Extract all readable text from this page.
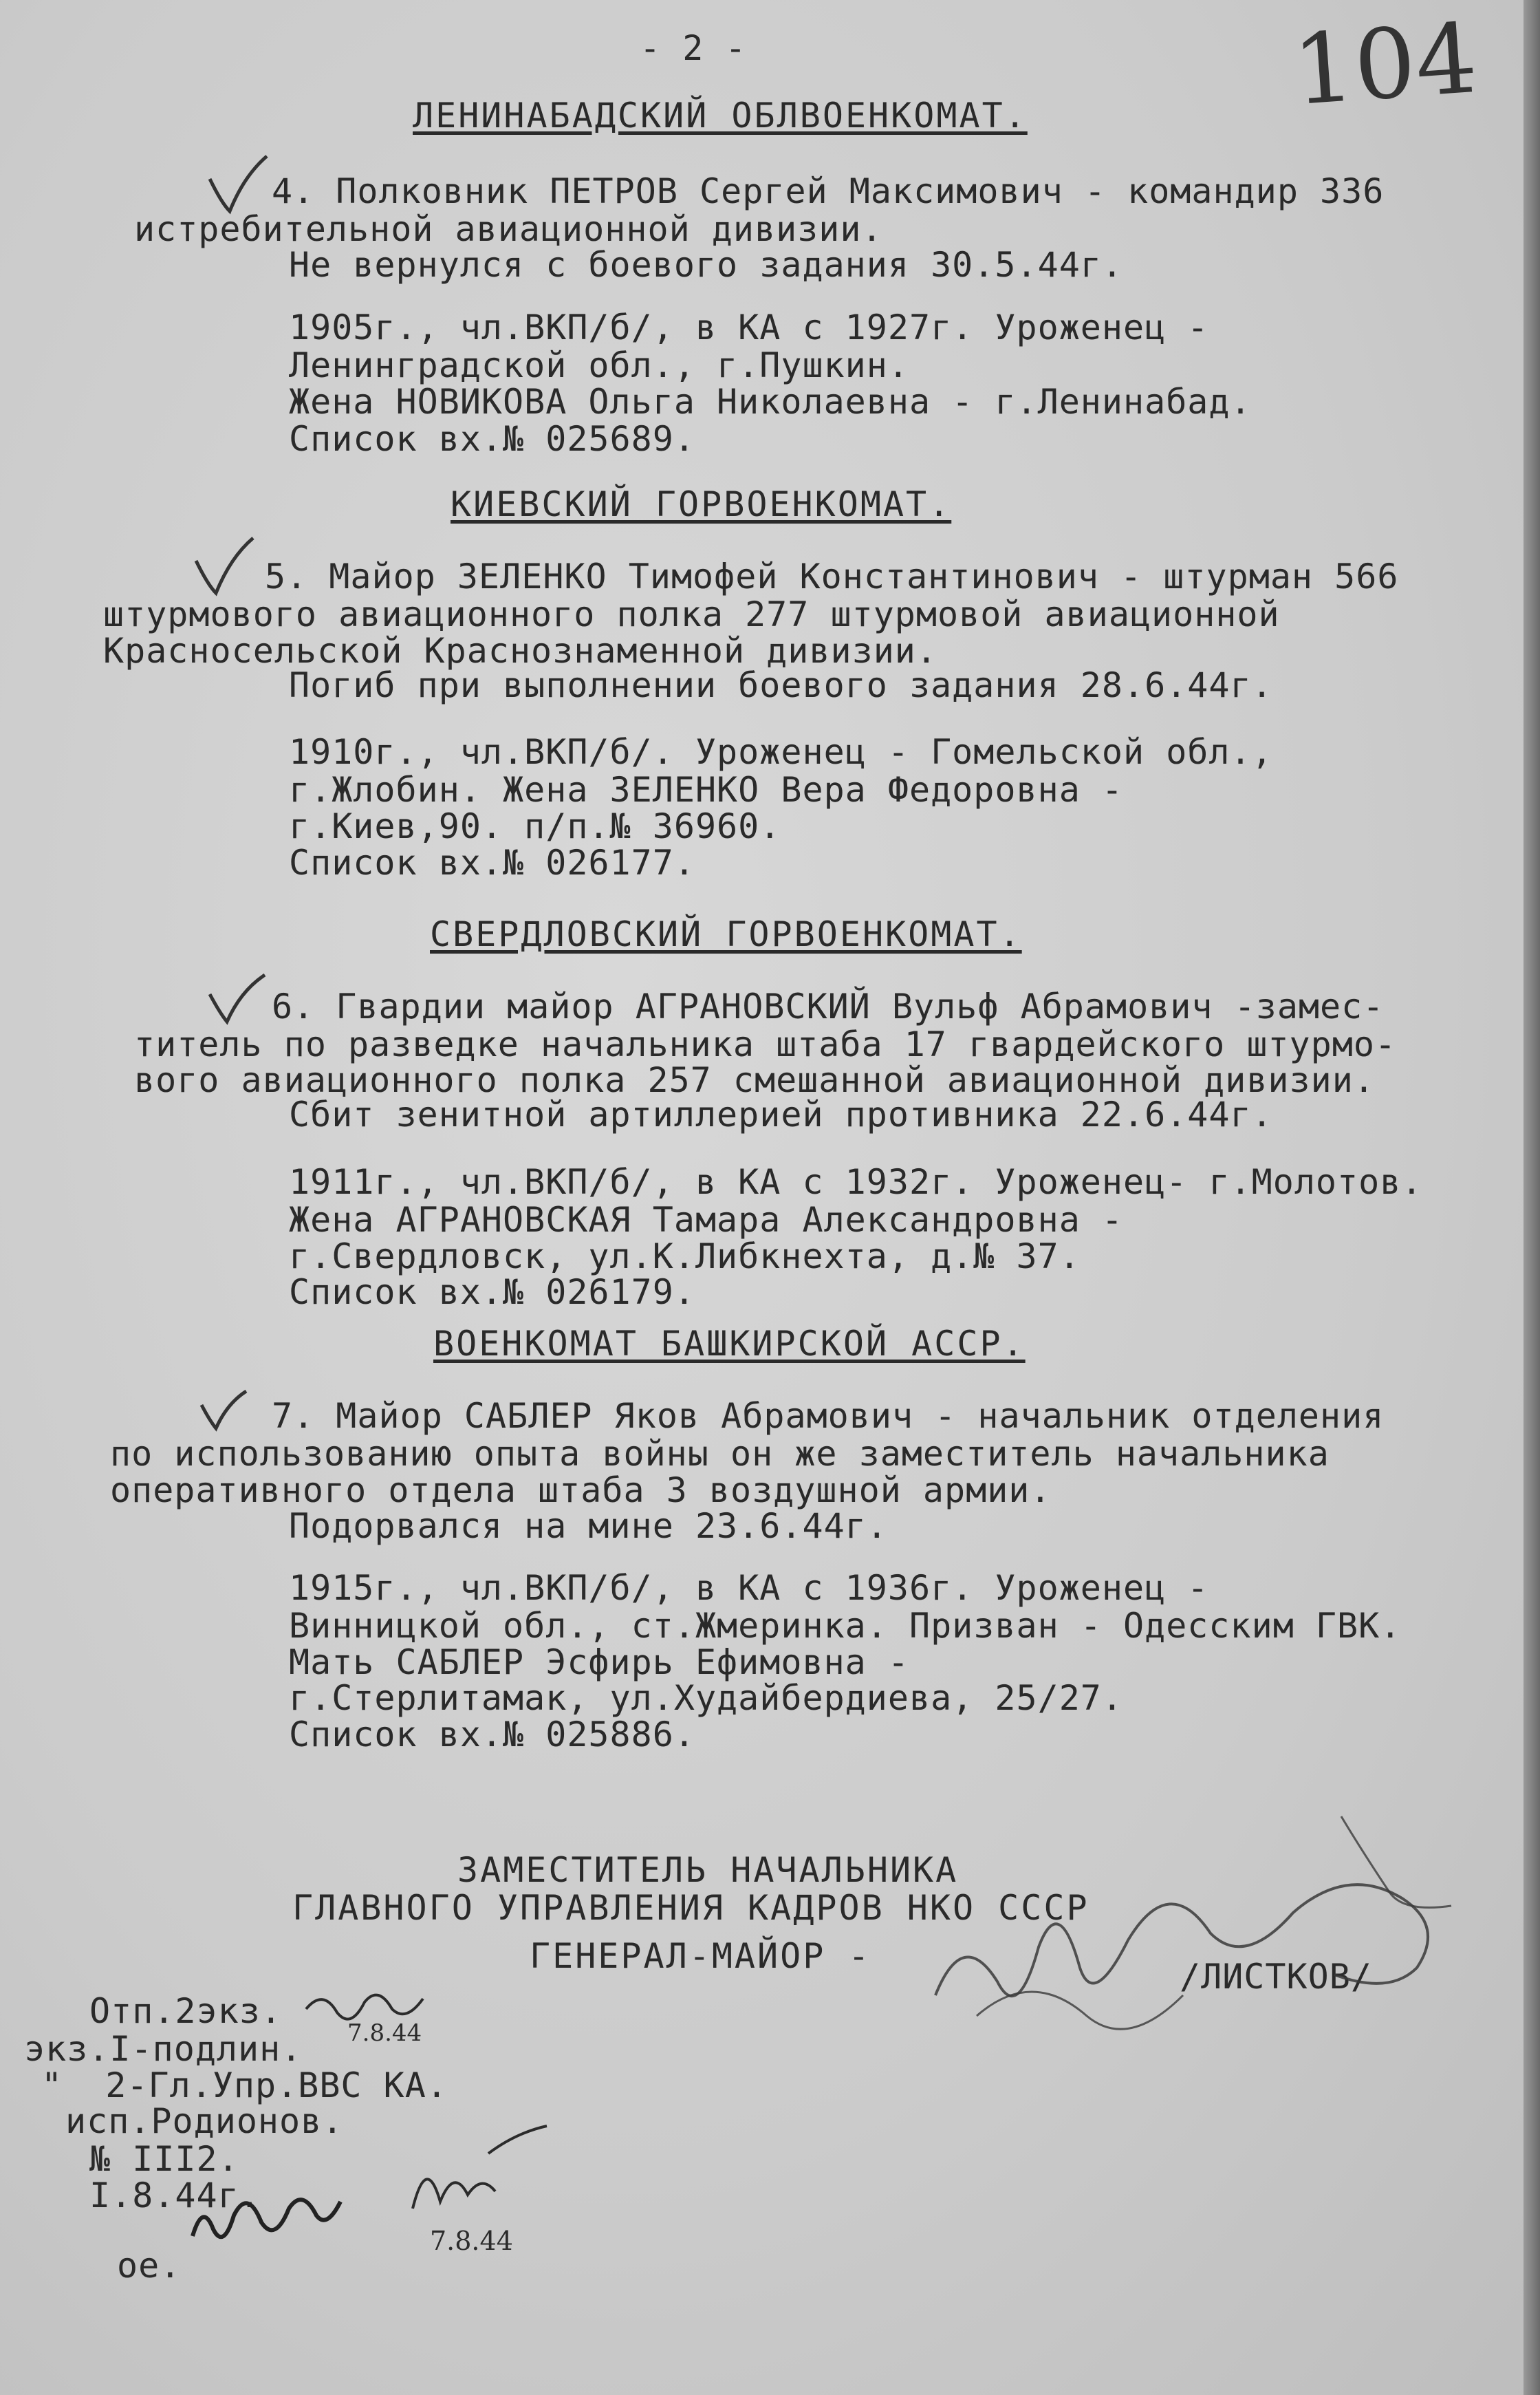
- 2 -	104
ЛЕНИНАБАДСКИЙ ОБЛВОЕНКОМАТ.
4. Полковник ПЕТРОВ Сергей Максимович - командир 336
истребительной авиационной дивизии.
Не вернулся с боевого задания 30.5.44г.
1905г., чл.ВКП/б/, в КА с 1927г. Уроженец -
Ленинградской обл., г.Пушкин.
Жена НОВИКОВА Ольга Николаевна - г.Ленинабад.
Список вх.№ 025689.
КИЕВСКИЙ ГОРВОЕНКОМАТ.
5. Майор ЗЕЛЕНКО Тимофей Константинович - штурман 566
штурмового авиационного полка 277 штурмовой авиационной
Красносельской Краснознаменной дивизии.
Погиб при выполнении боевого задания 28.6.44г.
1910г., чл.ВКП/б/. Уроженец - Гомельской обл.,
г.Жлобин. Жена ЗЕЛЕНКО Вера Федоровна -
г.Киев,90. п/п.№ 36960.
Список вх.№ 026177.
СВЕРДЛОВСКИЙ ГОРВОЕНКОМАТ.
6. Гвардии майор АГРАНОВСКИЙ Вульф Абрамович -замес-
титель по разведке начальника штаба 17 гвардейского штурмо-
вого авиационного полка 257 смешанной авиационной дивизии.
Сбит зенитной артиллерией противника 22.6.44г.
1911г., чл.ВКП/б/, в КА с 1932г. Уроженец- г.Молотов.
Жена АГРАНОВСКАЯ Тамара Александровна -
г.Свердловск, ул.К.Либкнехта, д.№ 37.
Список вх.№ 026179.
ВОЕНКОМАТ БАШКИРСКОЙ АССР.
7. Майор САБЛЕР Яков Абрамович - начальник отделения
по использованию опыта войны он же заместитель начальника
оперативного отдела штаба 3 воздушной армии.
Подорвался на мине 23.6.44г.
1915г., чл.ВКП/б/, в КА с 1936г. Уроженец -
Винницкой обл., ст.Жмеринка. Призван - Одесским ГВК.
Мать САБЛЕР Эсфирь Ефимовна -
г.Стерлитамак, ул.Худайбердиева, 25/27.
Список вх.№ 025886.
ЗАМЕСТИТЕЛЬ НАЧАЛЬНИКА
ГЛАВНОГО УПРАВЛЕНИЯ КАДРОВ НКО СССР
ГЕНЕРАЛ-МАЙОР -
/ЛИСТКОВ/
Отп.2экз.
экз.I-подлин.
"  2-Гл.Упр.ВВС КА.
исп.Родионов.
№ III2.
I.8.44г.
ое.
7.8.44
7.8.44
